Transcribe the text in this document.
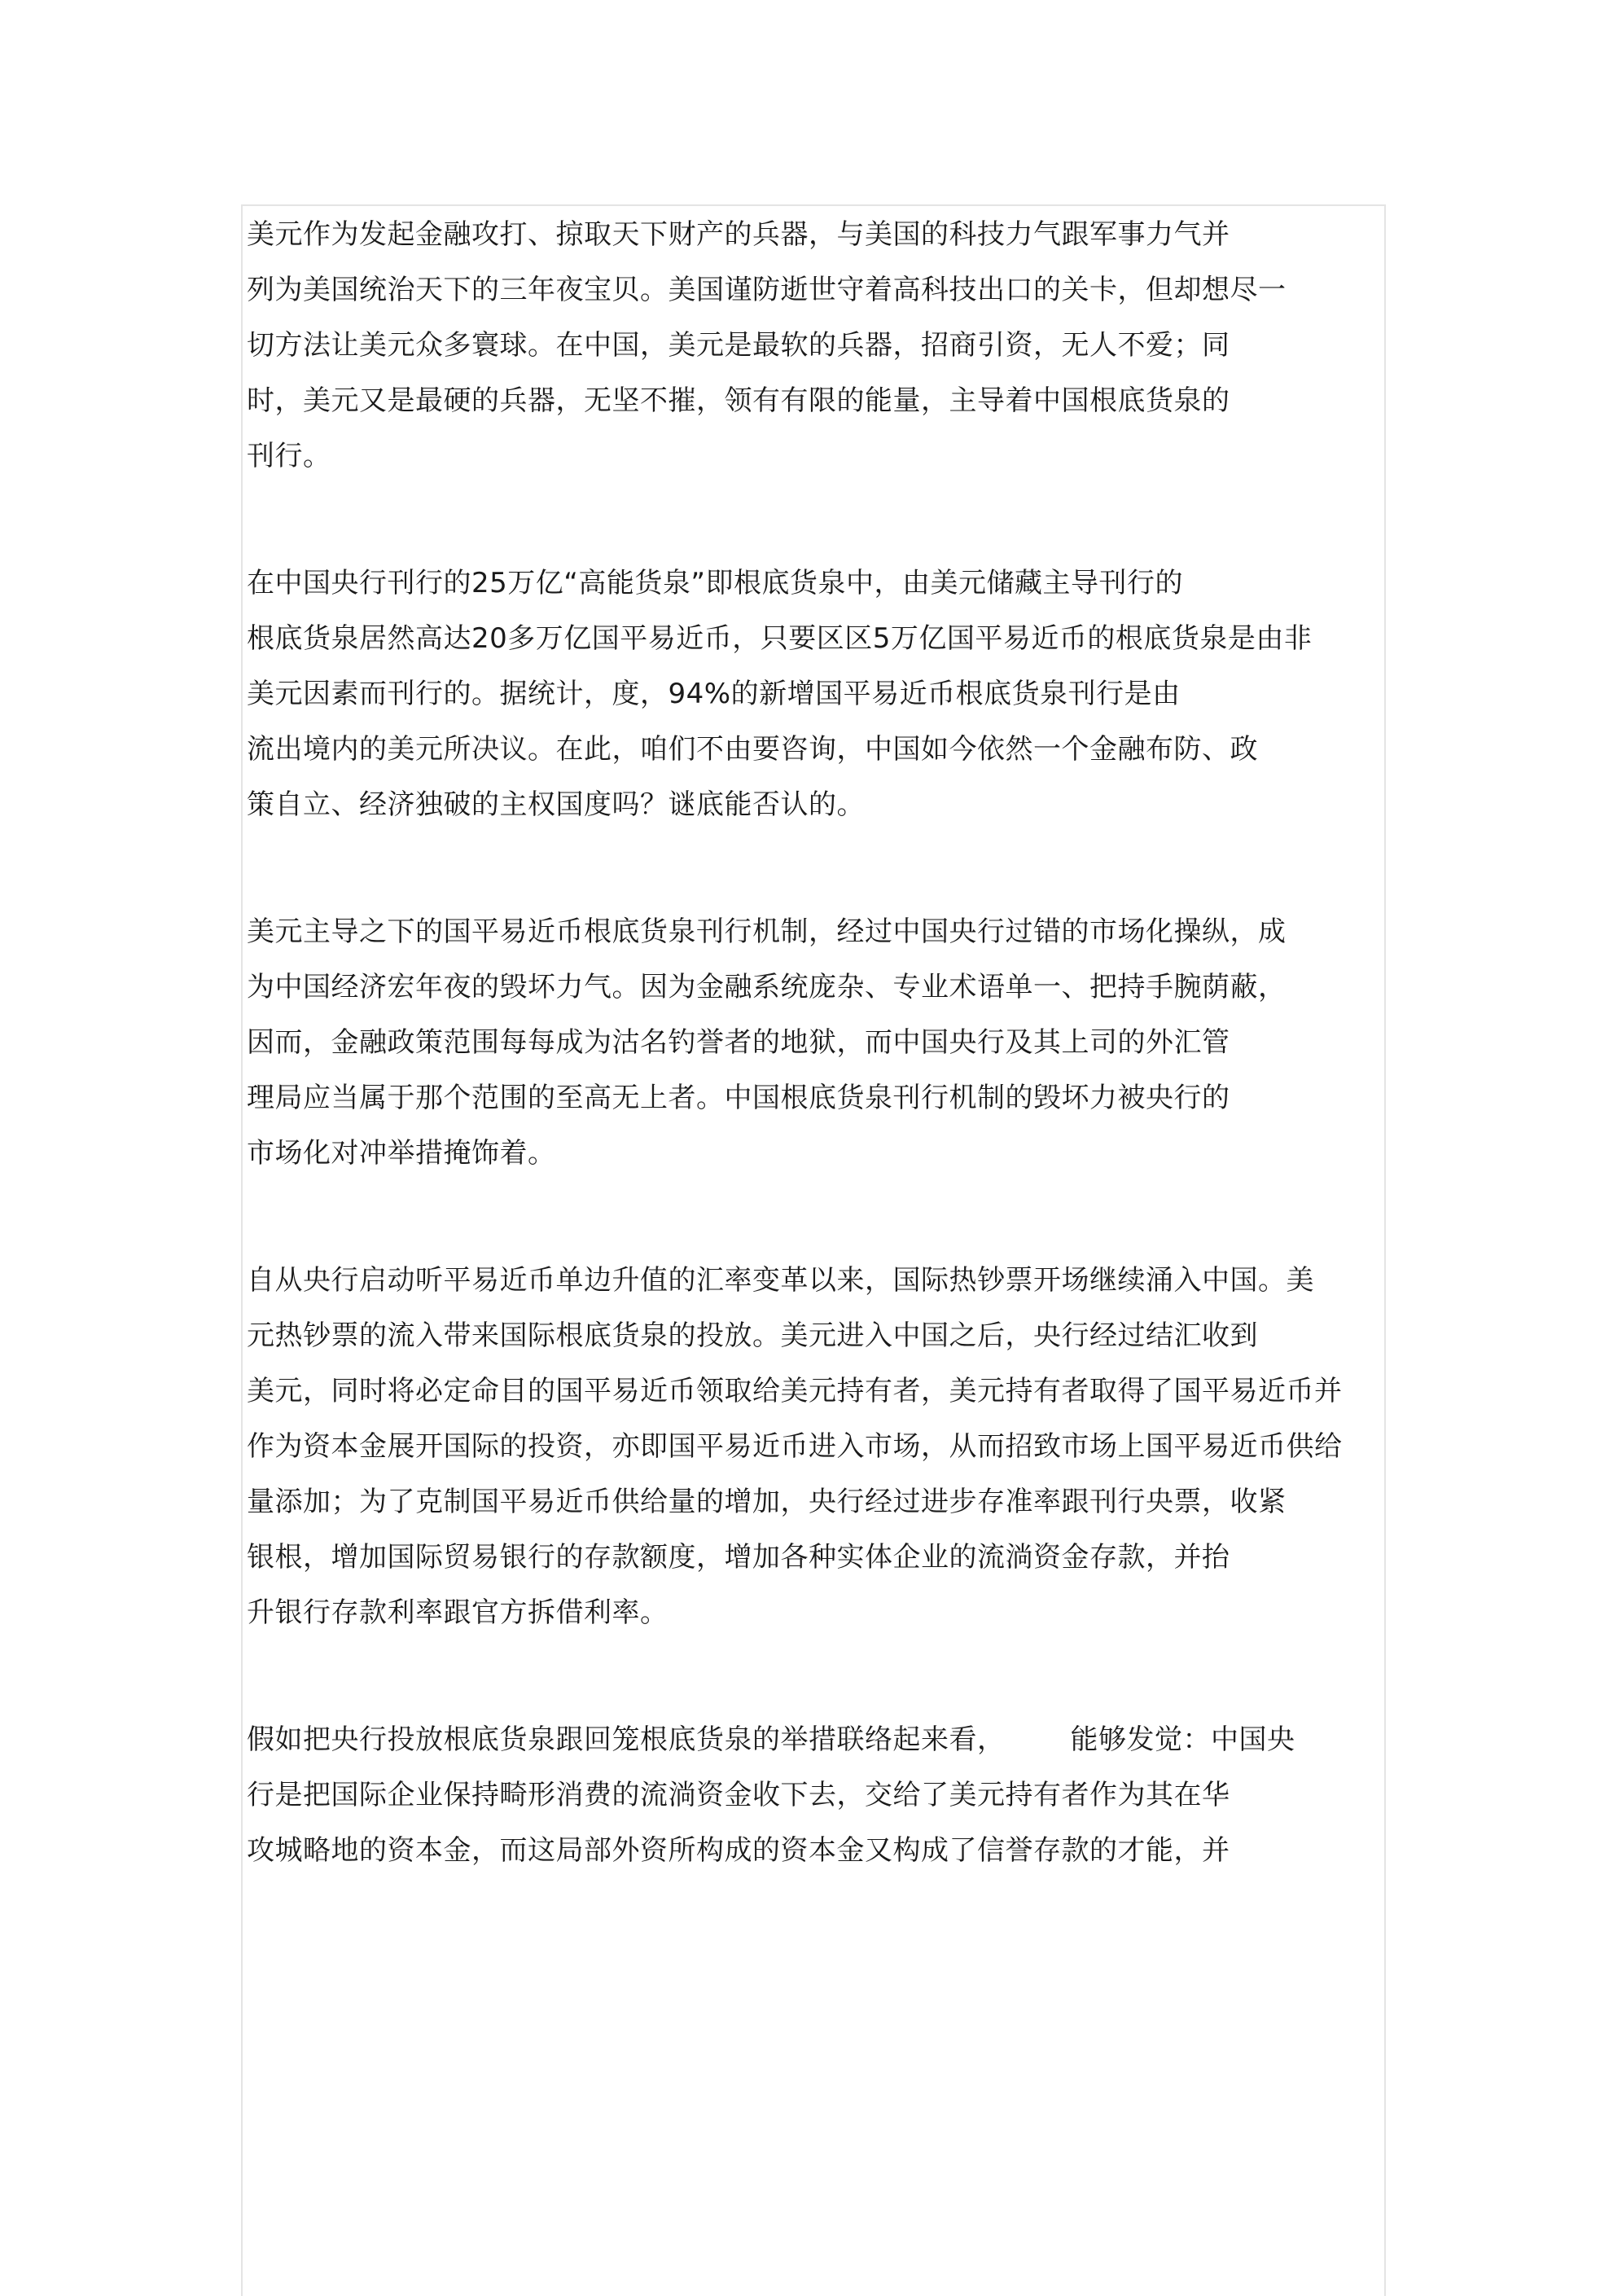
美元作为发起金融攻打、掠取天下财产的兵器，与美国的科技力气跟军事力气并
列为美国统治天下的三年夜宝贝。美国谨防逝世守着高科技出口的关卡，但却想尽一
切方法让美元众多寰球。在中国，美元是最软的兵器，招商引资，无人不爱；同
时，美元又是最硬的兵器，无坚不摧，领有有限的能量，主导着中国根底货泉的
刊行。
在中国央行刊行的25万亿“高能货泉”即根底货泉中，由美元储藏主导刊行的
根底货泉居然高达20多万亿国平易近币，只要区区5万亿国平易近币的根底货泉是由非
美元因素而刊行的。据统计，度，94%的新增国平易近币根底货泉刊行是由
流出境内的美元所决议。在此，咱们不由要咨询，中国如今依然一个金融布防、政
策自立、经济独破的主权国度吗？谜底能否认的。
美元主导之下的国平易近币根底货泉刊行机制，经过中国央行过错的市场化操纵，成
为中国经济宏年夜的毁坏力气。因为金融系统庞杂、专业术语单一、把持手腕荫蔽，
因而，金融政策范围每每成为沽名钓誉者的地狱，而中国央行及其上司的外汇管
理局应当属于那个范围的至高无上者。中国根底货泉刊行机制的毁坏力被央行的
市场化对冲举措掩饰着。
自从央行启动听平易近币单边升值的汇率变革以来，国际热钞票开场继续涌入中国。美
元热钞票的流入带来国际根底货泉的投放。美元进入中国之后，央行经过结汇收到
美元，同时将必定命目的国平易近币领取给美元持有者，美元持有者取得了国平易近币并
作为资本金展开国际的投资，亦即国平易近币进入市场，从而招致市场上国平易近币供给
量添加；为了克制国平易近币供给量的增加，央行经过进步存准率跟刊行央票，收紧
银根，增加国际贸易银行的存款额度，增加各种实体企业的流淌资金存款，并抬
升银行存款利率跟官方拆借利率。
假如把央行投放根底货泉跟回笼根底货泉的举措联络起来看， 能够发觉：中国央
行是把国际企业保持畸形消费的流淌资金收下去，交给了美元持有者作为其在华
攻城略地的资本金，而这局部外资所构成的资本金又构成了信誉存款的才能，并
